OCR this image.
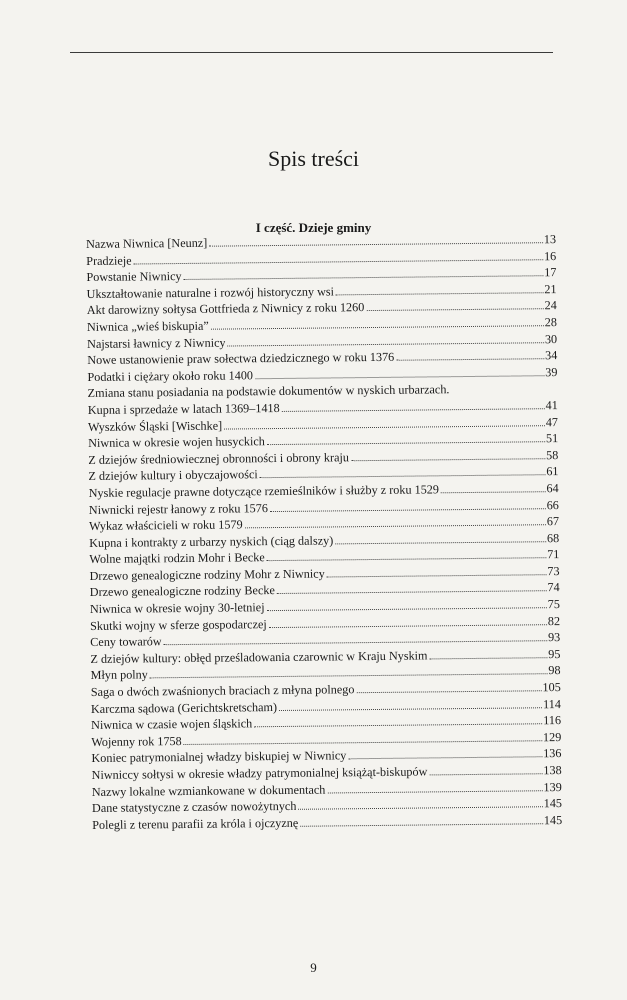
Spis treści
I część. Dzieje gminy
Nazwa Niwnica [Neunz]	13
Pradzieje	16
Powstanie Niwnicy	17
Ukształtowanie naturalne i rozwój historyczny wsi	21
Akt darowizny sołtysa Gottfrieda z Niwnicy z roku 1260	24
Niwnica „wieś biskupia”	28
Najstarsi ławnicy z Niwnicy	30
Nowe ustanowienie praw sołectwa dziedzicznego w roku 1376	34
Podatki i ciężary około roku 1400	39
Zmiana stanu posiadania na podstawie dokumentów w nyskich urbarzach.
Kupna i sprzedaże w latach 1369–1418	41
Wyszków Śląski [Wischke]	47
Niwnica w okresie wojen husyckich	51
Z dziejów średniowiecznej obronności i obrony kraju	58
Z dziejów kultury i obyczajowości	61
Nyskie regulacje prawne dotyczące rzemieślników i służby z roku 1529	64
Niwnicki rejestr łanowy z roku 1576	66
Wykaz właścicieli w roku 1579	67
Kupna i kontrakty z urbarzy nyskich (ciąg dalszy)	68
Wolne majątki rodzin Mohr i Becke	71
Drzewo genealogiczne rodziny Mohr z Niwnicy	73
Drzewo genealogiczne rodziny Becke	74
Niwnica w okresie wojny 30-letniej	75
Skutki wojny w sferze gospodarczej	82
Ceny towarów	93
Z dziejów kultury: obłęd prześladowania czarownic w Kraju Nyskim	95
Młyn polny	98
Saga o dwóch zwaśnionych braciach z młyna polnego	105
Karczma sądowa (Gerichtskretscham)	114
Niwnica w czasie wojen śląskich	116
Wojenny rok 1758	129
Koniec patrymonialnej władzy biskupiej w Niwnicy	136
Niwniccy sołtysi w okresie władzy patrymonialnej książąt-biskupów	138
Nazwy lokalne wzmiankowane w dokumentach	139
Dane statystyczne z czasów nowożytnych	145
Polegli z terenu parafii za króla i ojczyznę	145
9
